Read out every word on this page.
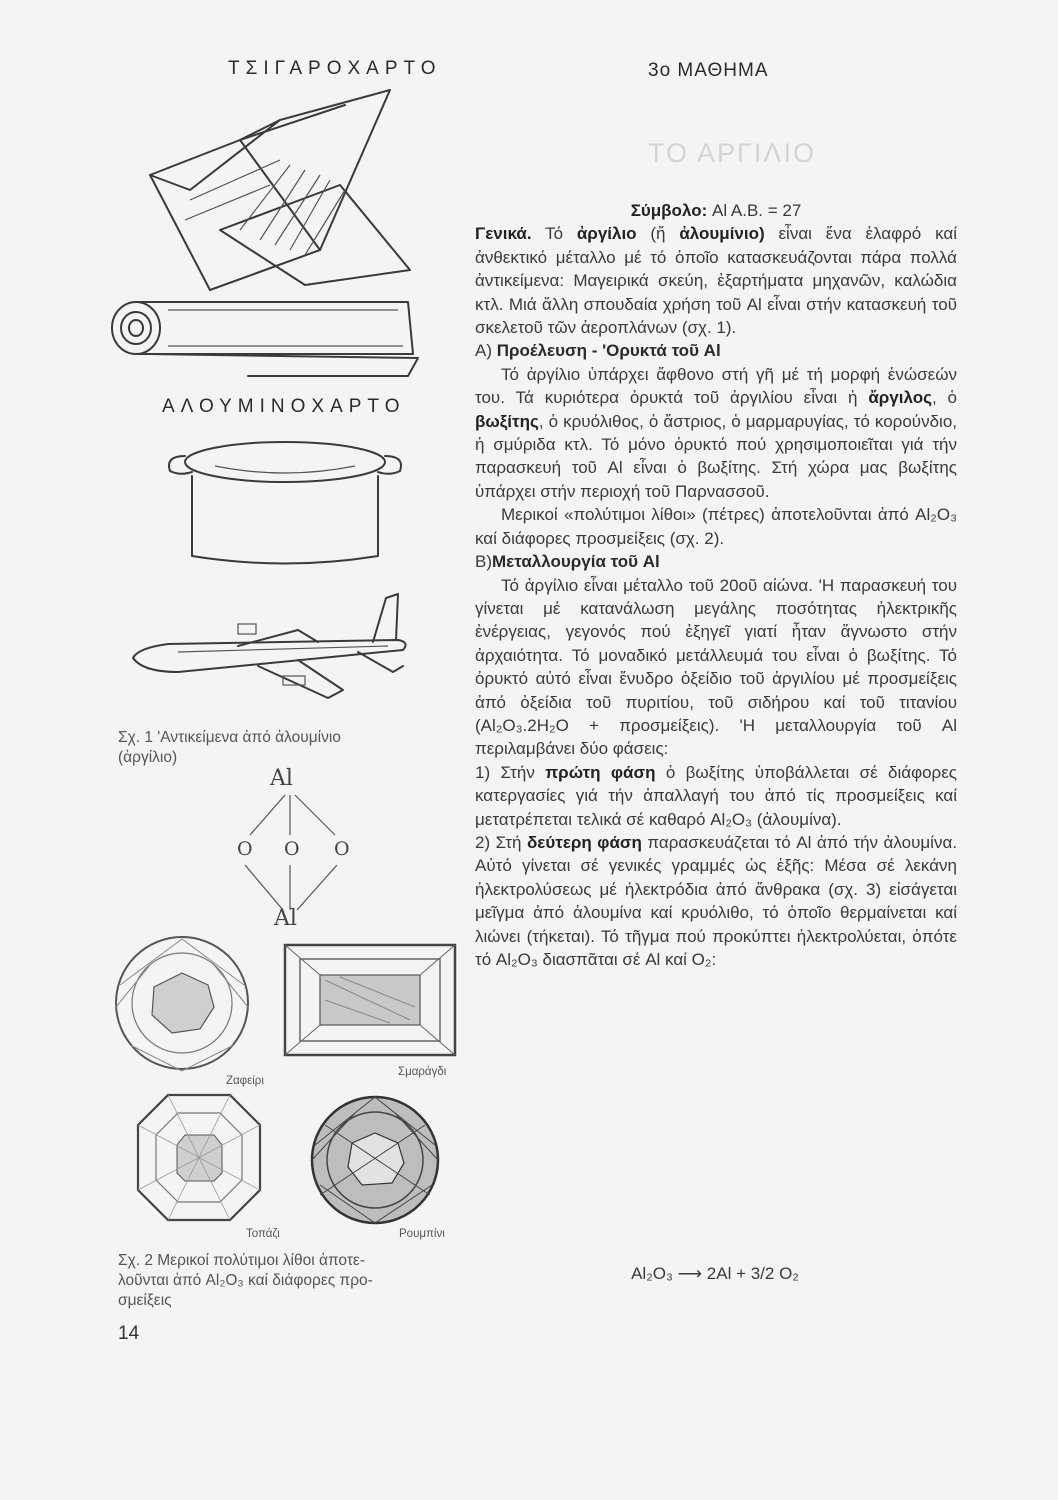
ΤΣΙΓΑΡΟΧΑΡΤΟ
ΑΛΟΥΜΙΝΟΧΑΡΤΟ
Σχ. 1 'Αντικείμενα ἀπό ἀλουμίνιο
(ἀργίλιο)
Al
O O O
Al
Ζαφείρι
Σμαράγδι
Τοπάζι	Ρουμπίνι
Σχ. 2 Μερικοί πολύτιμοι λίθοι ἀποτε-
λοῦνται ἀπό Al₂O₃ καί διάφορες προ-
σμείξεις
14
3ο ΜΑΘΗΜΑ
ΤΟ ΑΡΓΙΛΙΟ

Σύμβολο: Al A.B. = 27

Γενικά. Τό ἀργίλιο (ἤ ἀλουμίνιο) εἶναι ἕνα ἐλαφρό καί ἀνθεκτικό μέταλλο μέ τό ὁποῖο κατασκευάζονται πάρα πολλά ἀντικείμενα: Μαγειρικά σκεύη, ἐξαρτήματα μηχανῶν, καλώδια κτλ. Μιά ἄλλη σπουδαία χρήση τοῦ Al εἶναι στήν κατασκευή τοῦ σκελετοῦ τῶν ἀεροπλάνων (σχ. 1).

Α) Προέλευση - 'Ορυκτά τοῦ Al

Τό ἀργίλιο ὑπάρχει ἄφθονο στή γῆ μέ τή μορφή ἑνώσεών του. Τά κυριότερα ὀρυκτά τοῦ ἀργιλίου εἶναι ἡ ἄργιλος, ὁ βωξίτης, ὁ κρυόλιθος, ὁ ἄστριος, ὁ μαρμαρυγίας, τό κορούνδιο, ἡ σμύριδα κτλ. Τό μόνο ὀρυκτό πού χρησιμοποιεῖται γιά τήν παρασκευή τοῦ Al εἶναι ὁ βωξίτης. Στή χώρα μας βωξίτης ὑπάρχει στήν περιοχή τοῦ Παρνασσοῦ.

Μερικοί «πολύτιμοι λίθοι» (πέτρες) ἀποτελοῦνται ἀπό Al₂O₃ καί διάφορες προσμείξεις (σχ. 2).

Β)Μεταλλουργία τοῦ Al

Τό ἀργίλιο εἶναι μέταλλο τοῦ 20οῦ αἰώνα. 'Η παρασκευή του γίνεται μέ κατανάλωση μεγάλης ποσότητας ἠλεκτρικῆς ἐνέργειας, γεγονός πού ἐξηγεῖ γιατί ἦταν ἄγνωστο στήν ἀρχαιότητα. Τό μοναδικό μετάλλευμά του εἶναι ὁ βωξίτης. Τό ὀρυκτό αὐτό εἶναι ἔνυδρο ὀξείδιο τοῦ ἀργιλίου μέ προσμείξεις ἀπό ὀξείδια τοῦ πυριτίου, τοῦ σιδήρου καί τοῦ τιτανίου (Al₂O₃.2H₂O + προσμείξεις). 'Η μεταλλουργία τοῦ Al περιλαμβάνει δύο φάσεις:

1) Στήν πρώτη φάση ὁ βωξίτης ὑποβάλλεται σέ διάφορες κατεργασίες γιά τήν ἀπαλλαγή του ἀπό τίς προσμείξεις καί μετατρέπεται τελικά σέ καθαρό Al₂O₃ (ἀλουμίνα).

2) Στή δεύτερη φάση παρασκευάζεται τό Al ἀπό τήν ἀλουμίνα. Αὐτό γίνεται σέ γενικές γραμμές ὡς ἑξῆς: Μέσα σέ λεκάνη ἠλεκτρολύσεως μέ ἠλεκτρόδια ἀπό ἄνθρακα (σχ. 3) εἰσάγεται μεῖγμα ἀπό ἀλουμίνα καί κρυόλιθο, τό ὁποῖο θερμαίνεται καί λιώνει (τήκεται). Τό τῆγμα πού προκύπτει ἠλεκτρολύεται, ὁπότε τό Al₂O₃ διασπᾶται σέ Al καί O₂:

Al₂O₃ ⟶ 2Al + 3/2 O₂
